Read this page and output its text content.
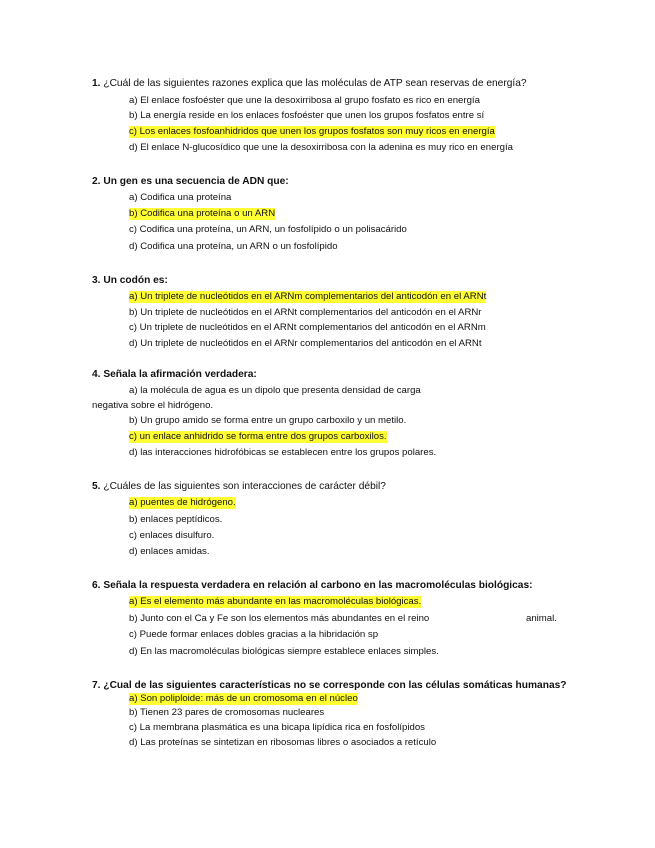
1. ¿Cuál de las siguientes razones explica que las moléculas de ATP sean reservas de energía?
a) El enlace fosfoéster que une la desoxirribosa al grupo fosfato es rico en energía
b) La energía reside en los enlaces fosfoéster que unen los grupos fosfatos entre sí
c) Los enlaces fosfoanhidridos que unen los grupos fosfatos son muy ricos en energía
d) El enlace N-glucosídico que une la desoxirribosa con la adenina es muy rico en energía
2. Un gen es una secuencia de ADN que:
a) Codifica una proteína
b) Codifica una proteína o un ARN
c) Codifica una proteína, un ARN, un fosfolípido o un polisacárido
d) Codifica una proteína, un ARN o un fosfolípido
3. Un codón es:
a) Un triplete de nucleótidos en el ARNm complementarios del anticodón en el ARNt
b) Un triplete de nucleótidos en el ARNt complementarios del anticodón en el ARNr
c) Un triplete de nucleótidos en el ARNt complementarios del anticodón en el ARNm
d) Un triplete de nucleótidos en el ARNr complementarios del anticodón en el ARNt
4. Señala la afirmación verdadera:
a) la molécula de agua es un dipolo que presenta densidad de carga
negativa sobre el hidrógeno.
b) Un grupo amido se forma entre un grupo carboxilo y un metilo.
c) un enlace anhidrido se forma entre dos grupos carboxilos.
d) las interacciones hidrofóbicas se establecen entre los grupos polares.
5. ¿Cuáles de las siguientes son interacciones de carácter débil?
a) puentes de hidrógeno.
b) enlaces peptídicos.
c) enlaces disulfuro.
d) enlaces amidas.
6. Señala la respuesta verdadera en relación al carbono en las macromoléculas biológicas:
a) Es el elemento más abundante en las macromoléculas biológicas.
b) Junto con el Ca y Fe son los elementos más abundantes en el reino	animal.
c) Puede formar enlaces dobles gracias a la hibridación sp
d) En las macromoléculas biológicas siempre establece enlaces simples.
7. ¿Cual de las siguientes características no se corresponde con las células somáticas humanas?
a) Son poliploide: más de un cromosoma en el núcleo
b) Tienen 23 pares de cromosomas nucleares
c) La membrana plasmática es una bicapa lipídica rica en fosfolípidos
d) Las proteínas se sintetizan en ribosomas libres o asociados a retículo
